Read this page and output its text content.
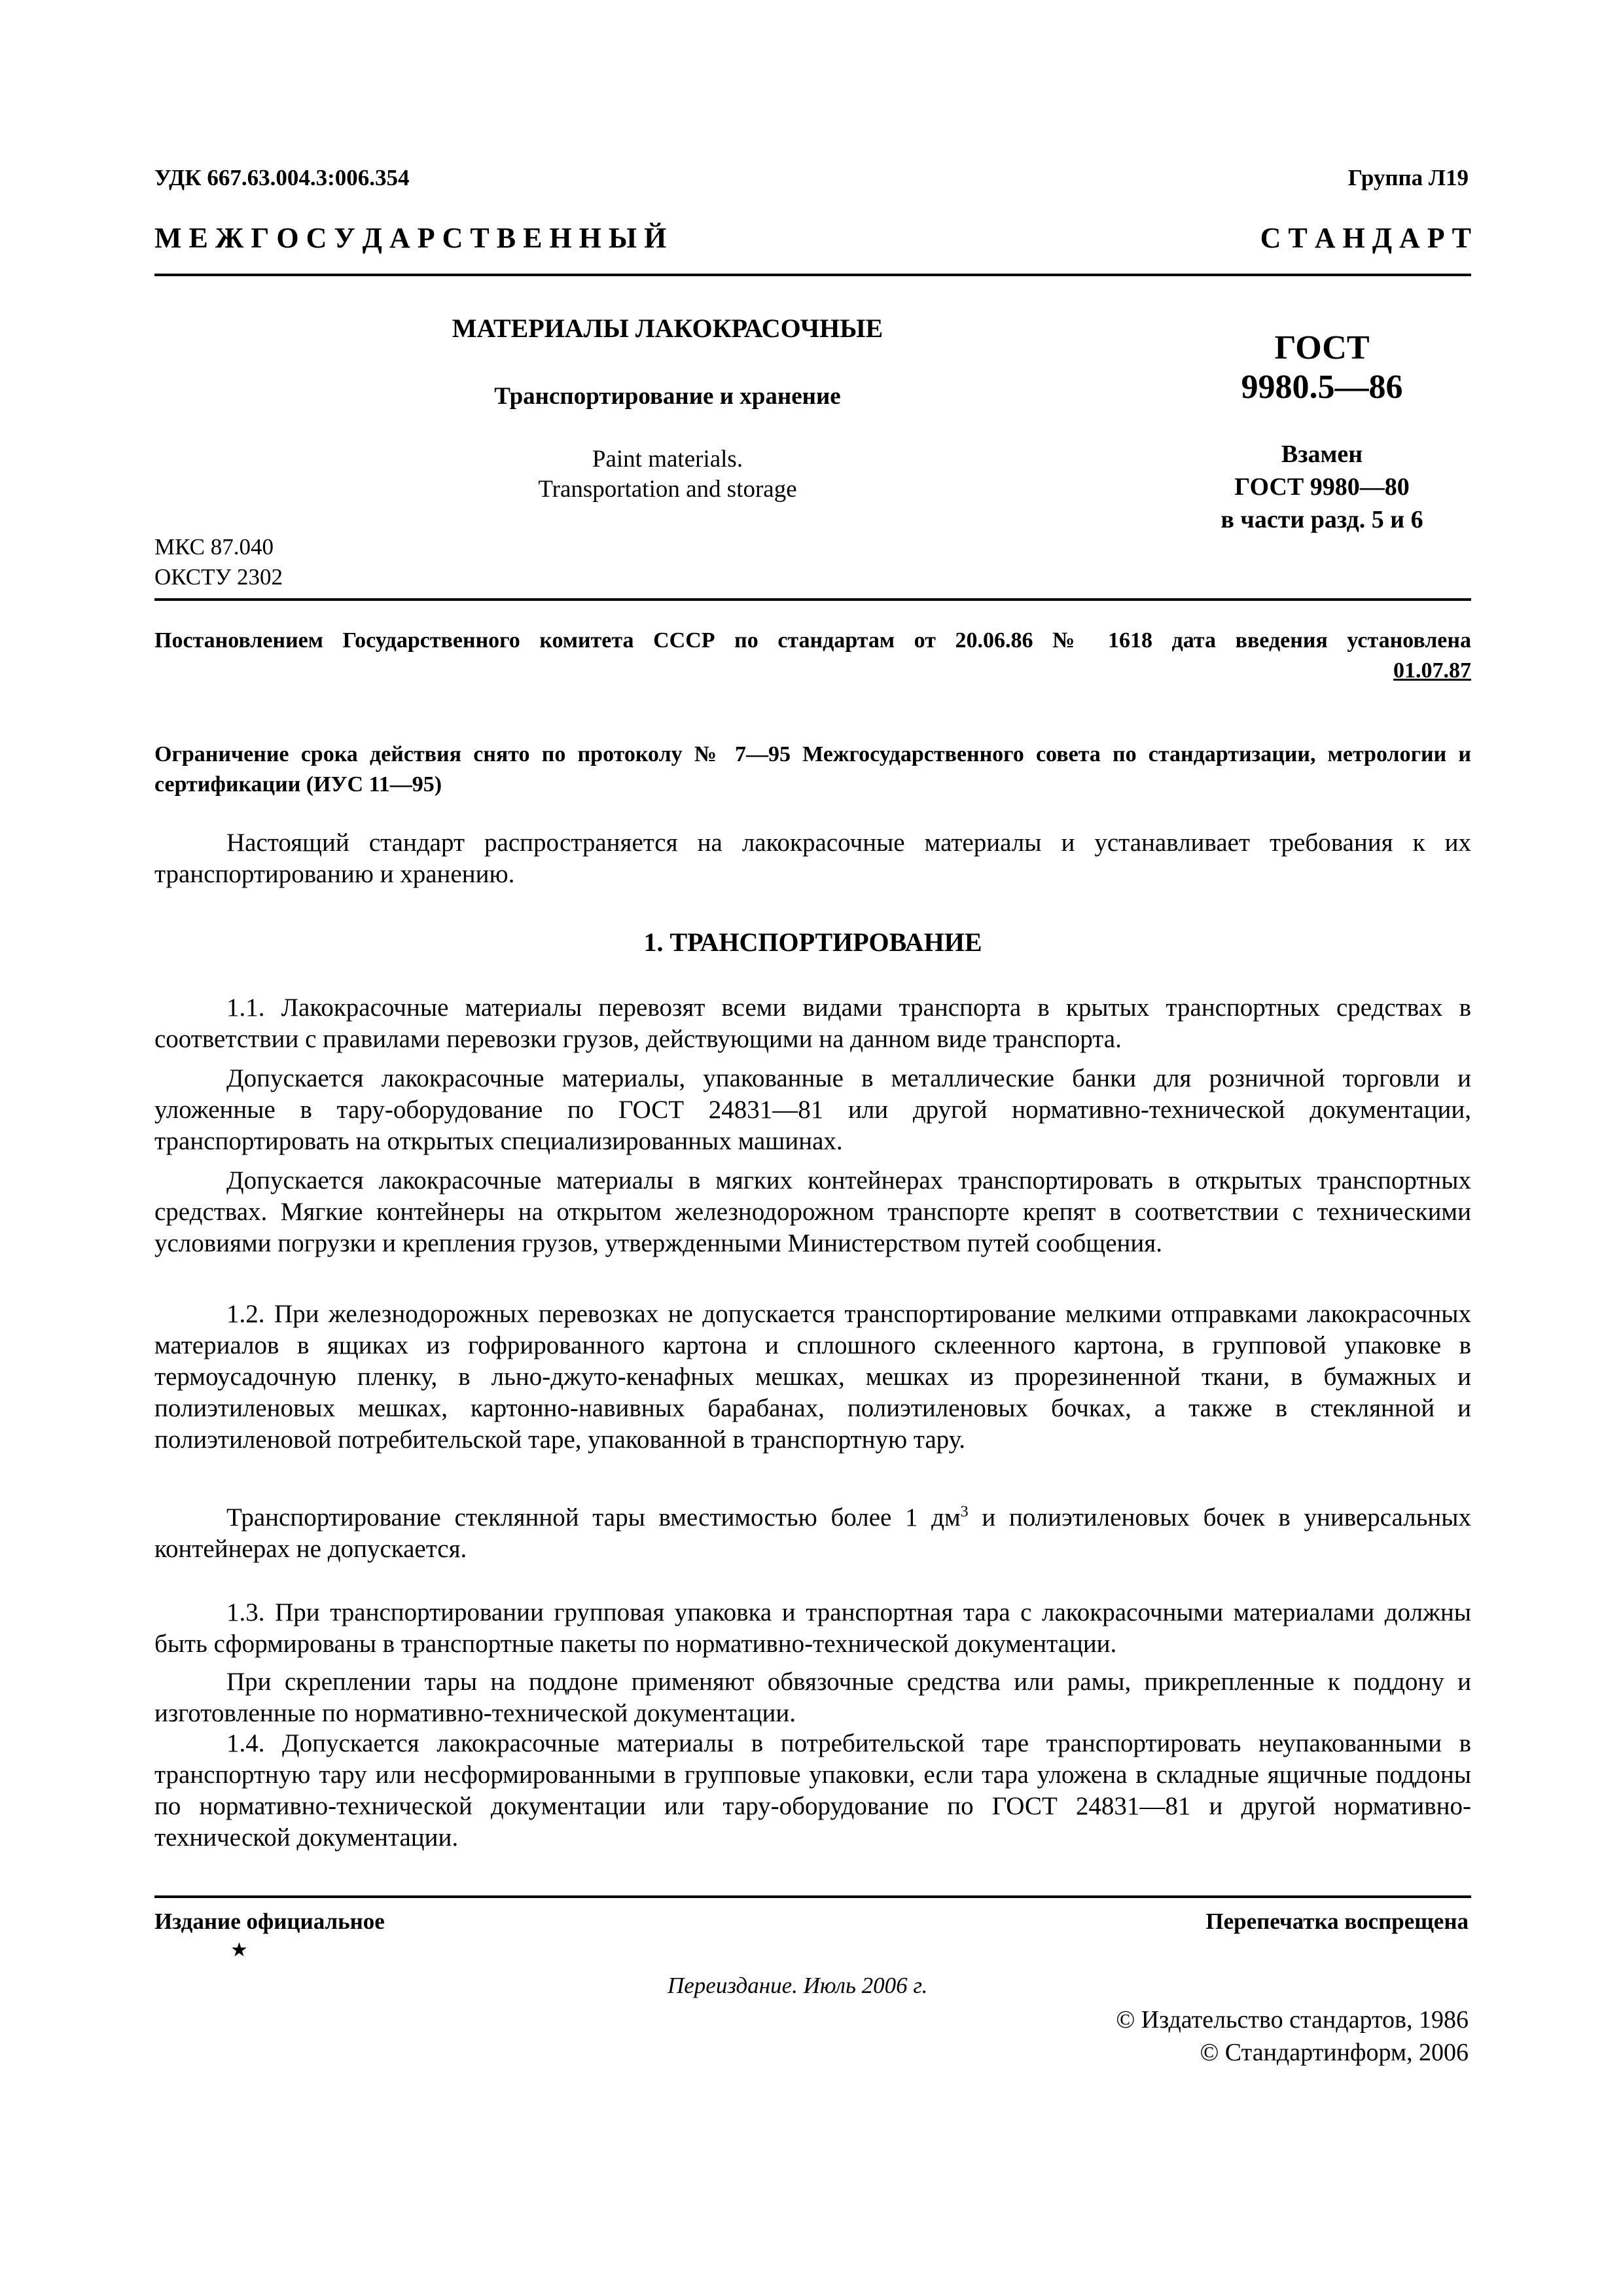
УДК 667.63.004.3:006.354	Группа Л19
М Е Ж Г О С У Д А Р С Т В Е Н Н Ы Й	С Т А Н Д А Р Т
МАТЕРИАЛЫ ЛАКОКРАСОЧНЫЕ
Транспортирование и хранение
Paint materials.
Transportation and storage
ГОСТ
9980.5—86
Взамен
ГОСТ 9980—80
в части разд. 5 и 6
МКС 87.040
ОКСТУ 2302
Постановлением Государственного комитета СССР по стандартам от 20.06.86 № 1618 дата введения установлена
01.07.87
Ограничение срока действия снято по протоколу № 7—95 Межгосударственного совета по стандартизации, метрологии и сертификации (ИУС 11—95)
Настоящий стандарт распространяется на лакокрасочные материалы и устанавливает требования к их транспортированию и хранению.
1. ТРАНСПОРТИРОВАНИЕ
1.1. Лакокрасочные материалы перевозят всеми видами транспорта в крытых транспортных средствах в соответствии с правилами перевозки грузов, действующими на данном виде транспорта.
Допускается лакокрасочные материалы, упакованные в металлические банки для розничной торговли и уложенные в тару-оборудование по ГОСТ 24831—81 или другой нормативно-технической документации, транспортировать на открытых специализированных машинах.
Допускается лакокрасочные материалы в мягких контейнерах транспортировать в открытых транспортных средствах. Мягкие контейнеры на открытом железнодорожном транспорте крепят в соответствии с техническими условиями погрузки и крепления грузов, утвержденными Министерством путей сообщения.
1.2. При железнодорожных перевозках не допускается транспортирование мелкими отправками лакокрасочных материалов в ящиках из гофрированного картона и сплошного склеенного картона, в групповой упаковке в термоусадочную пленку, в льно-джуто-кенафных мешках, мешках из прорезиненной ткани, в бумажных и полиэтиленовых мешках, картонно-навивных барабанах, полиэтиленовых бочках, а также в стеклянной и полиэтиленовой потребительской таре, упакованной в транспортную тару.
Транспортирование стеклянной тары вместимостью более 1 $дм^3$ и полиэтиленовых бочек в универсальных контейнерах не допускается.
1.3. При транспортировании групповая упаковка и транспортная тара с лакокрасочными материалами должны быть сформированы в транспортные пакеты по нормативно-технической документации.
При скреплении тары на поддоне применяют обвязочные средства или рамы, прикрепленные к поддону и изготовленные по нормативно-технической документации.
1.4. Допускается лакокрасочные материалы в потребительской таре транспортировать неупакованными в транспортную тару или несформированными в групповые упаковки, если тара уложена в складные ящичные поддоны по нормативно-технической документации или тару-оборудование по ГОСТ 24831—81 и другой нормативно-технической документации.
Издание официальное	Перепечатка воспрещена
★
Переиздание. Июль 2006 г.
© Издательство стандартов, 1986
© Стандартинформ, 2006
